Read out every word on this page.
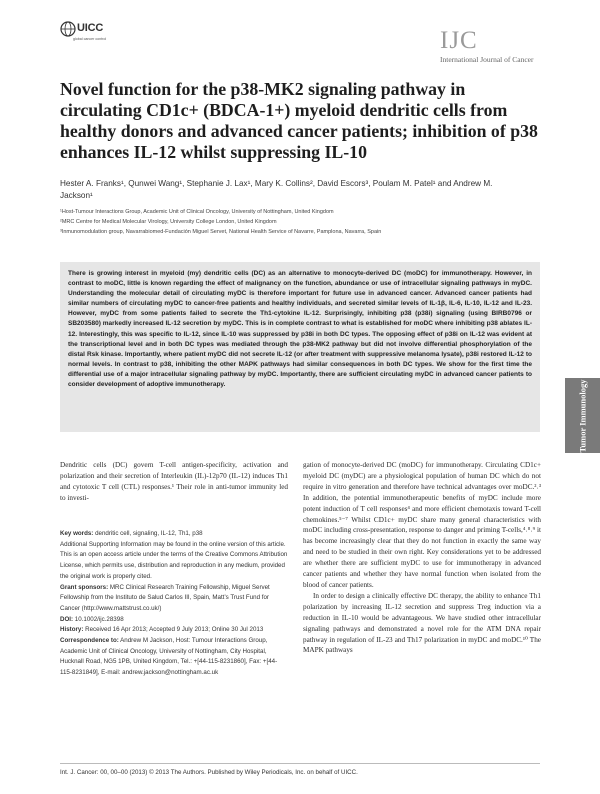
UICC
global cancer control	IJC
International Journal of Cancer
Novel function for the p38-MK2 signaling pathway in circulating CD1c+ (BDCA-1+) myeloid dendritic cells from healthy donors and advanced cancer patients; inhibition of p38 enhances IL-12 whilst suppressing IL-10
Hester A. Franks¹, Qunwei Wang¹, Stephanie J. Lax¹, Mary K. Collins², David Escors³, Poulam M. Patel¹ and Andrew M. Jackson¹
¹Host-Tumour Interactions Group, Academic Unit of Clinical Oncology, University of Nottingham, United Kingdom
²MRC Centre for Medical Molecular Virology, University College London, United Kingdom
³Inmunomodulation group, Navarrabiomed-Fundación Miguel Servet, National Health Service of Navarre, Pamplona, Navarra, Spain
There is growing interest in myeloid (my) dendritic cells (DC) as an alternative to monocyte-derived DC (moDC) for immunotherapy. However, in contrast to moDC, little is known regarding the effect of malignancy on the function, abundance or use of intracellular signaling pathways in myDC. Understanding the molecular detail of circulating myDC is therefore important for future use in advanced cancer. Advanced cancer patients had similar numbers of circulating myDC to cancer-free patients and healthy individuals, and secreted similar levels of IL-1β, IL-6, IL-10, IL-12 and IL-23. However, myDC from some patients failed to secrete the Th1-cytokine IL-12. Surprisingly, inhibiting p38 (p38i) signaling (using BIRB0796 or SB203580) markedly increased IL-12 secretion by myDC. This is in complete contrast to what is established for moDC where inhibiting p38 ablates IL-12. Interestingly, this was specific to IL-12, since IL-10 was suppressed by p38i in both DC types. The opposing effect of p38i on IL-12 was evident at the transcriptional level and in both DC types was mediated through the p38-MK2 pathway but did not involve differential phosphorylation of the distal Rsk kinase. Importantly, where patient myDC did not secrete IL-12 (or after treatment with suppressive melanoma lysate), p38i restored IL-12 to normal levels. In contrast to p38, inhibiting the other MAPK pathways had similar consequences in both DC types. We show for the first time the differential use of a major intracellular signaling pathway by myDC. Importantly, there are sufficient circulating myDC in advanced cancer patients to consider development of adoptive immunotherapy.	Tumor Immunology

Dendritic cells (DC) govern T-cell antigen-specificity, activation and polarization and their secretion of Interleukin (IL)-12p70 (IL-12) induces Th1 and cytotoxic T cell (CTL) responses.¹ Their role in anti-tumor immunity led to investi-

Key words: dendritic cell, signaling, IL-12, Th1, p38

Additional Supporting Information may be found in the online version of this article.

This is an open access article under the terms of the Creative Commons Attribution License, which permits use, distribution and reproduction in any medium, provided the original work is properly cited.

Grant sponsors: MRC Clinical Research Training Fellowship, Miguel Servet Fellowship from the Instituto de Salud Carlos III, Spain, Matt’s Trust Fund for Cancer (http://www.mattstrust.co.uk/)

DOI: 10.1002/ijc.28398

History: Received 16 Apr 2013; Accepted 9 July 2013; Online 30 Jul 2013

Correspondence to: Andrew M Jackson, Host: Tumour Interactions Group, Academic Unit of Clinical Oncology, University of Nottingham, City Hospital, Hucknall Road, NG5 1PB, United Kingdom, Tel.: +[44-115-8231860], Fax: +[44-115-8231849], E-mail: andrew.jackson@nottingham.ac.uk

gation of monocyte-derived DC (moDC) for immunotherapy. Circulating CD1c+ myeloid DC (myDC) are a physiological population of human DC which do not require in vitro generation and therefore have technical advantages over moDC.²˒³ In addition, the potential immunotherapeutic benefits of myDC include more potent induction of T cell responses⁴ and more efficient chemotaxis toward T-cell chemokines.⁵⁻⁷ Whilst CD1c+ myDC share many general characteristics with moDC including cross-presentation, response to danger and priming T-cells,⁴˒⁸˒⁹ it has become increasingly clear that they do not function in exactly the same way and need to be studied in their own right. Key considerations yet to be addressed are whether there are sufficient myDC to use for immunotherapy in advanced cancer patients and whether they have normal function when isolated from the blood of cancer patients.

In order to design a clinically effective DC therapy, the ability to enhance Th1 polarization by increasing IL-12 secretion and suppress Treg induction via a reduction in IL-10 would be advantageous. We have studied other intracellular signaling pathways and demonstrated a novel role for the ATM DNA repair pathway in regulation of IL-23 and Th17 polarization in myDC and moDC.¹⁰ The MAPK pathways

Int. J. Cancer: 00, 00–00 (2013) © 2013 The Authors. Published by Wiley Periodicals, Inc. on behalf of UICC.
